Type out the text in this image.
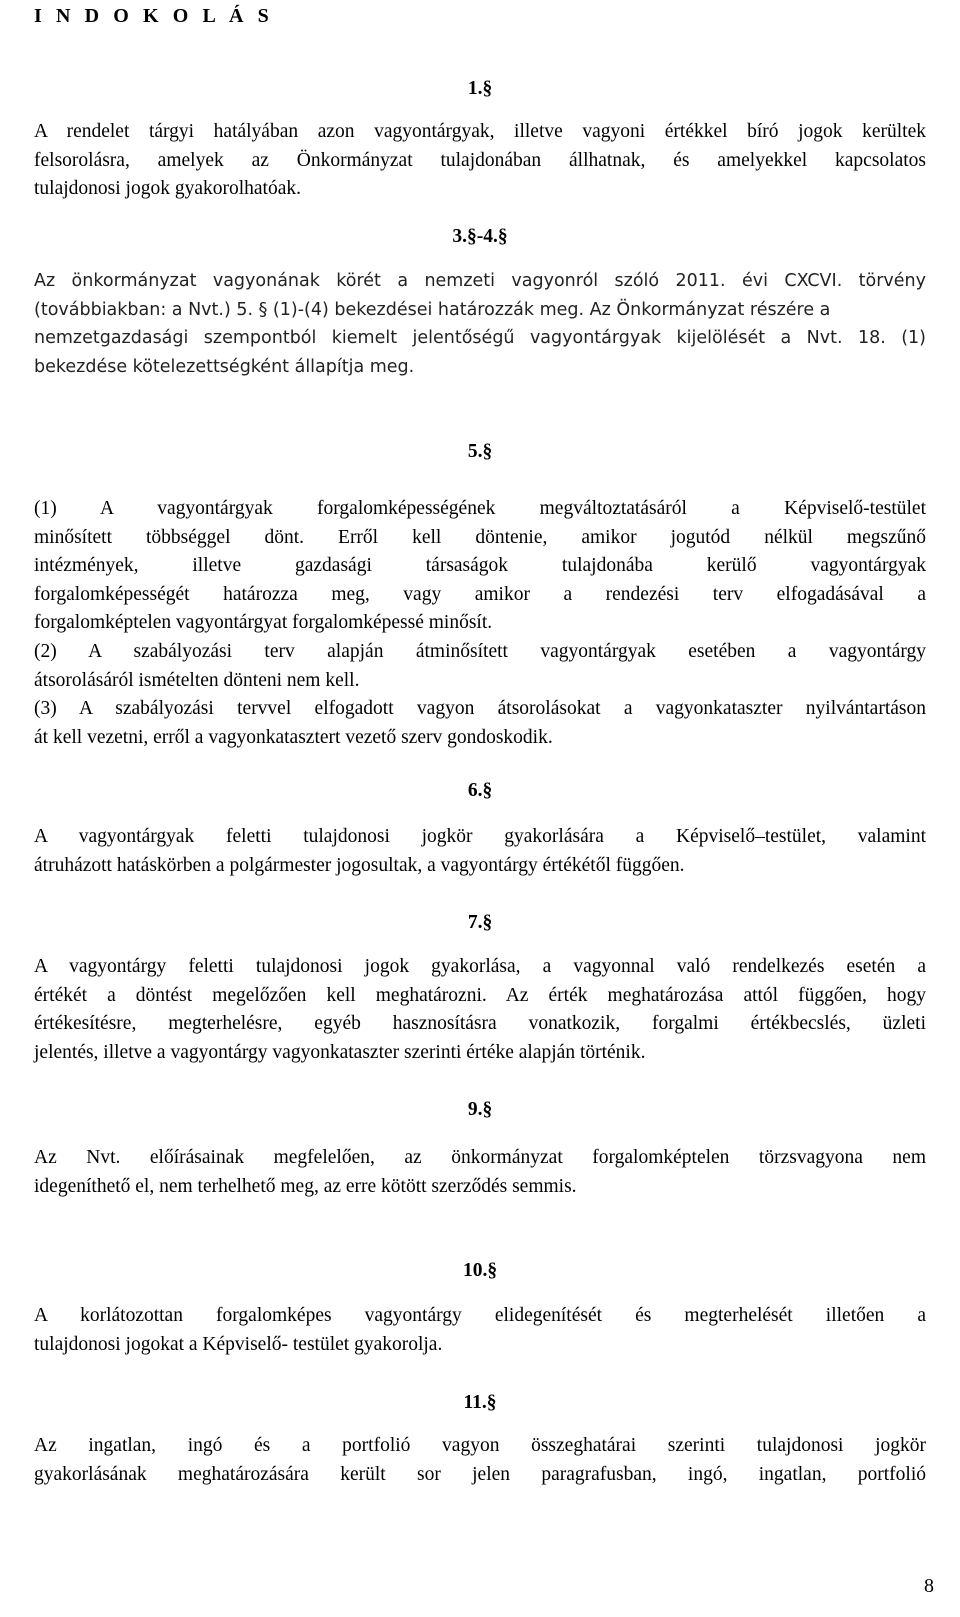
I N D O K O L Á S
1.§
A rendelet tárgyi hatályában azon vagyontárgyak, illetve vagyoni értékkel bíró jogok kerültek
felsorolásra, amelyek az Önkormányzat tulajdonában állhatnak, és amelyekkel kapcsolatos
tulajdonosi jogok gyakorolhatóak.
3.§-4.§
Az önkormányzat vagyonának körét a nemzeti vagyonról szóló 2011. évi CXCVI. törvény
(továbbiakban: a Nvt.) 5. § (1)-(4) bekezdései határozzák meg. Az Önkormányzat részére a
nemzetgazdasági szempontból kiemelt jelentőségű vagyontárgyak kijelölését a Nvt. 18. (1)
bekezdése kötelezettségként állapítja meg.
5.§
(1) A vagyontárgyak forgalomképességének megváltoztatásáról a Képviselő-testület
minősített többséggel dönt. Erről kell döntenie, amikor jogutód nélkül megszűnő
intézmények, illetve gazdasági társaságok tulajdonába kerülő vagyontárgyak
forgalomképességét határozza meg, vagy amikor a rendezési terv elfogadásával a
forgalomképtelen vagyontárgyat forgalomképessé minősít.
(2) A szabályozási terv alapján átminősített vagyontárgyak esetében a vagyontárgy
átsorolásáról ismételten dönteni nem kell.
(3) A szabályozási tervvel elfogadott vagyon átsorolásokat a vagyonkataszter nyilvántartáson
át kell vezetni, erről a vagyonkatasztert vezető szerv gondoskodik.
6.§
A vagyontárgyak feletti tulajdonosi jogkör gyakorlására a Képviselő–testület, valamint
átruházott hatáskörben a polgármester jogosultak, a vagyontárgy értékétől függően.
7.§
A vagyontárgy feletti tulajdonosi jogok gyakorlása, a vagyonnal való rendelkezés esetén a
értékét a döntést megelőzően kell meghatározni. Az érték meghatározása attól függően, hogy
értékesítésre, megterhelésre, egyéb hasznosításra vonatkozik, forgalmi értékbecslés, üzleti
jelentés, illetve a vagyontárgy vagyonkataszter szerinti értéke alapján történik.
9.§
Az Nvt. előírásainak megfelelően, az önkormányzat forgalomképtelen törzsvagyona nem
idegeníthető el, nem terhelhető meg, az erre kötött szerződés semmis.
10.§
A korlátozottan forgalomképes vagyontárgy elidegenítését és megterhelését illetően a
tulajdonosi jogokat a Képviselő- testület gyakorolja.
11.§
Az ingatlan, ingó és a portfolió vagyon összeghatárai szerinti tulajdonosi jogkör
gyakorlásának meghatározására került sor jelen paragrafusban, ingó, ingatlan, portfolió
8
